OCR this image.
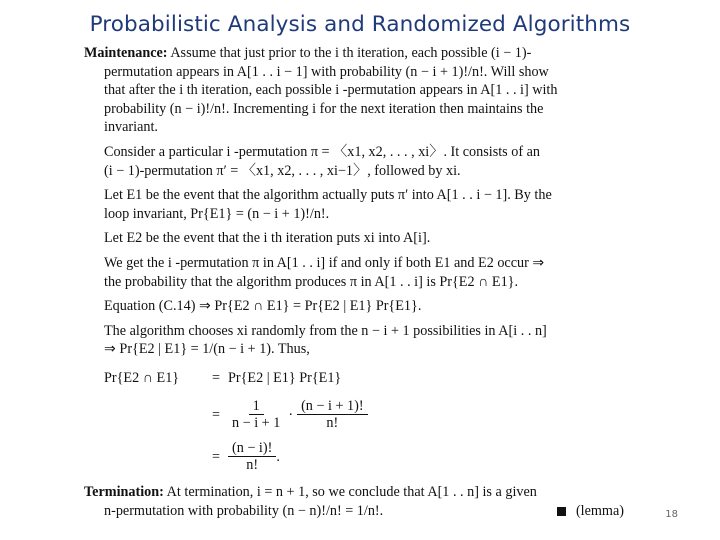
Probabilistic Analysis and Randomized Algorithms

Maintenance: Assume that just prior to the i th iteration, each possible (i − 1)-

permutation appears in A[1 . . i − 1] with probability (n − i + 1)!/n!. Will show
that after the i th iteration, each possible i -permutation appears in A[1 . . i] with
probability (n − i)!/n!. Incrementing i for the next iteration then maintains the
invariant.
Consider a particular i -permutation π = 〈x1, x2, . . . , xi〉. It consists of an
(i − 1)-permutation π′ = 〈x1, x2, . . . , xi−1〉, followed by xi.
Let E1 be the event that the algorithm actually puts π′ into A[1 . . i − 1]. By the
loop invariant, Pr{E1} = (n − i + 1)!/n!.
Let E2 be the event that the i th iteration puts xi into A[i].
We get the i -permutation π in A[1 . . i] if and only if both E1 and E2 occur ⇒
the probability that the algorithm produces π in A[1 . . i] is Pr{E2 ∩ E1}.
Equation (C.14) ⇒ Pr{E2 ∩ E1} = Pr{E2 | E1} Pr{E1}.
The algorithm chooses xi randomly from the n − i + 1 possibilities in A[i . . n]
⇒ Pr{E2 | E1} = 1/(n − i + 1). Thus,
Pr{E2 ∩ E1}	= Pr{E2 | E1} Pr{E1}
= $\frac{1}{n - i + 1} \cdot \frac{(n - i + 1)!}{n!}$
= $\frac{(n - i)!}{n!}$ .

Termination: At termination, i = n + 1, so we conclude that A[1 . . n] is a given

n-permutation with probability (n − n)!/n! = 1/n!.	(lemma)	18
